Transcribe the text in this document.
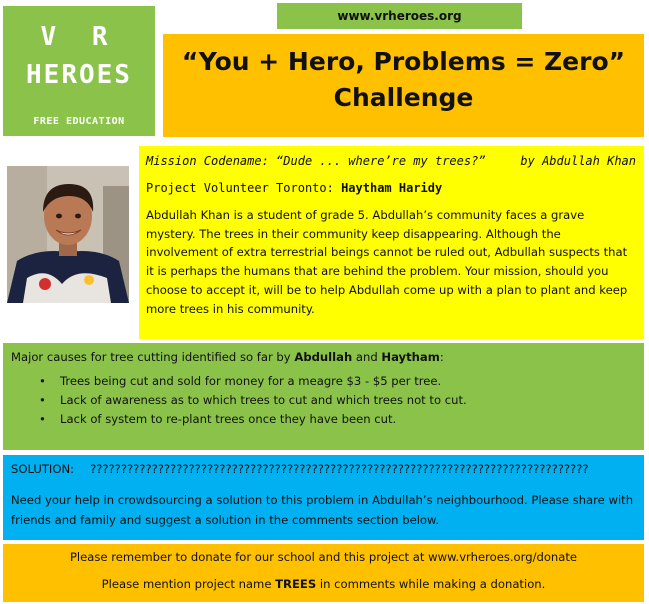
V R
HEROES
FREE EDUCATION
www.vrheroes.org
“You + Hero, Problems = Zero”
Challenge
Mission Codename: “Dude ... where’re my trees?”	by Abdullah Khan
Project Volunteer Toronto: Haytham Haridy

Abdullah Khan is a student of grade 5. Abdullah’s community faces a grave mystery. The trees in their community keep disappearing. Although the involvement of extra terrestrial beings cannot be ruled out, Adbullah suspects that it is perhaps the humans that are behind the problem. Your mission, should you choose to accept it, will be to help Abdullah come up with a plan to plant and keep more trees in his community.

Major causes for tree cutting identified so far by Abdullah and Haytham:
• Trees being cut and sold for money for a meagre $3 - $5 per tree.
• Lack of awareness as to which trees to cut and which trees not to cut.
• Lack of system to re-plant trees once they have been cut.
SOLUTION: ?????????????????????????????????????????????????????????????????????????????????

Need your help in crowdsourcing a solution to this problem in Abdullah’s neighbourhood. Please share with friends and family and suggest a solution in the comments section below.

Please remember to donate for our school and this project at www.vrheroes.org/donate
Please mention project name TREES in comments while making a donation.
